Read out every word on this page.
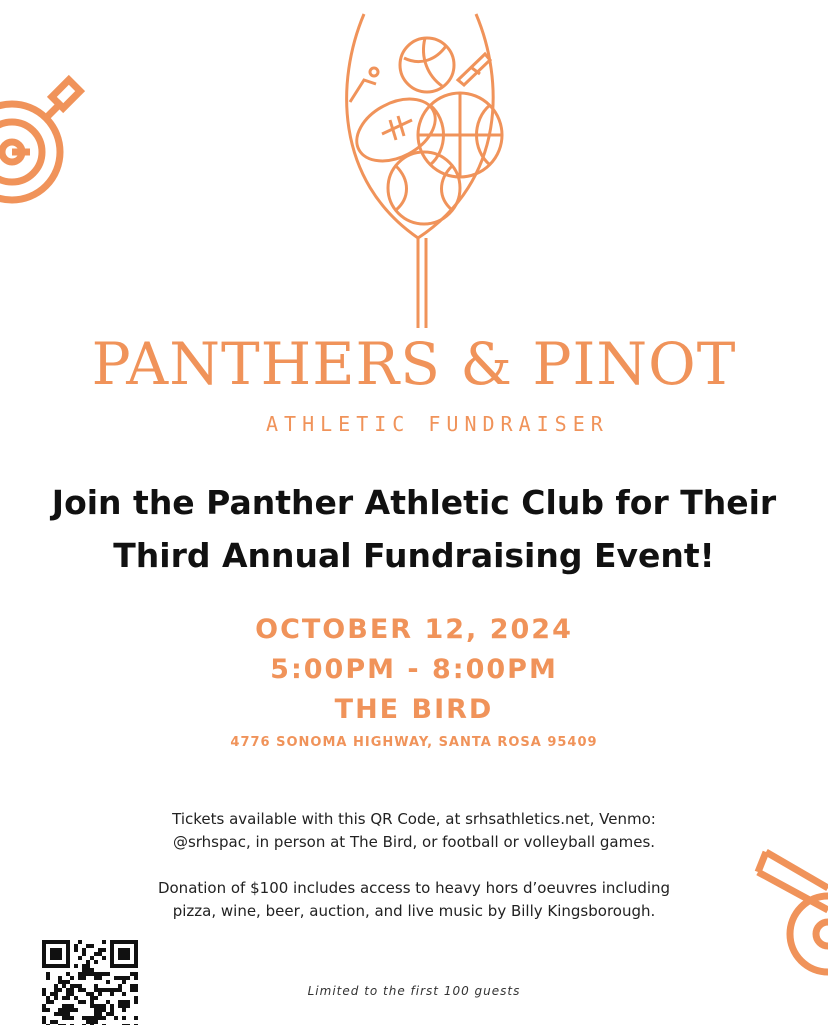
PANTHERS & PINOT
ATHLETIC FUNDRAISER
Join the Panther Athletic Club for Their
Third Annual Fundraising Event!
OCTOBER 12, 2024
5:00PM - 8:00PM
THE BIRD
4776 SONOMA HIGHWAY, SANTA ROSA 95409

Tickets available with this QR Code, at srhsathletics.net, Venmo:
@srhspac, in person at The Bird, or football or volleyball games.

Donation of $100 includes access to heavy hors d’oeuvres including
pizza, wine, beer, auction, and live music by Billy Kingsborough.

Limited to the first 100 guests
